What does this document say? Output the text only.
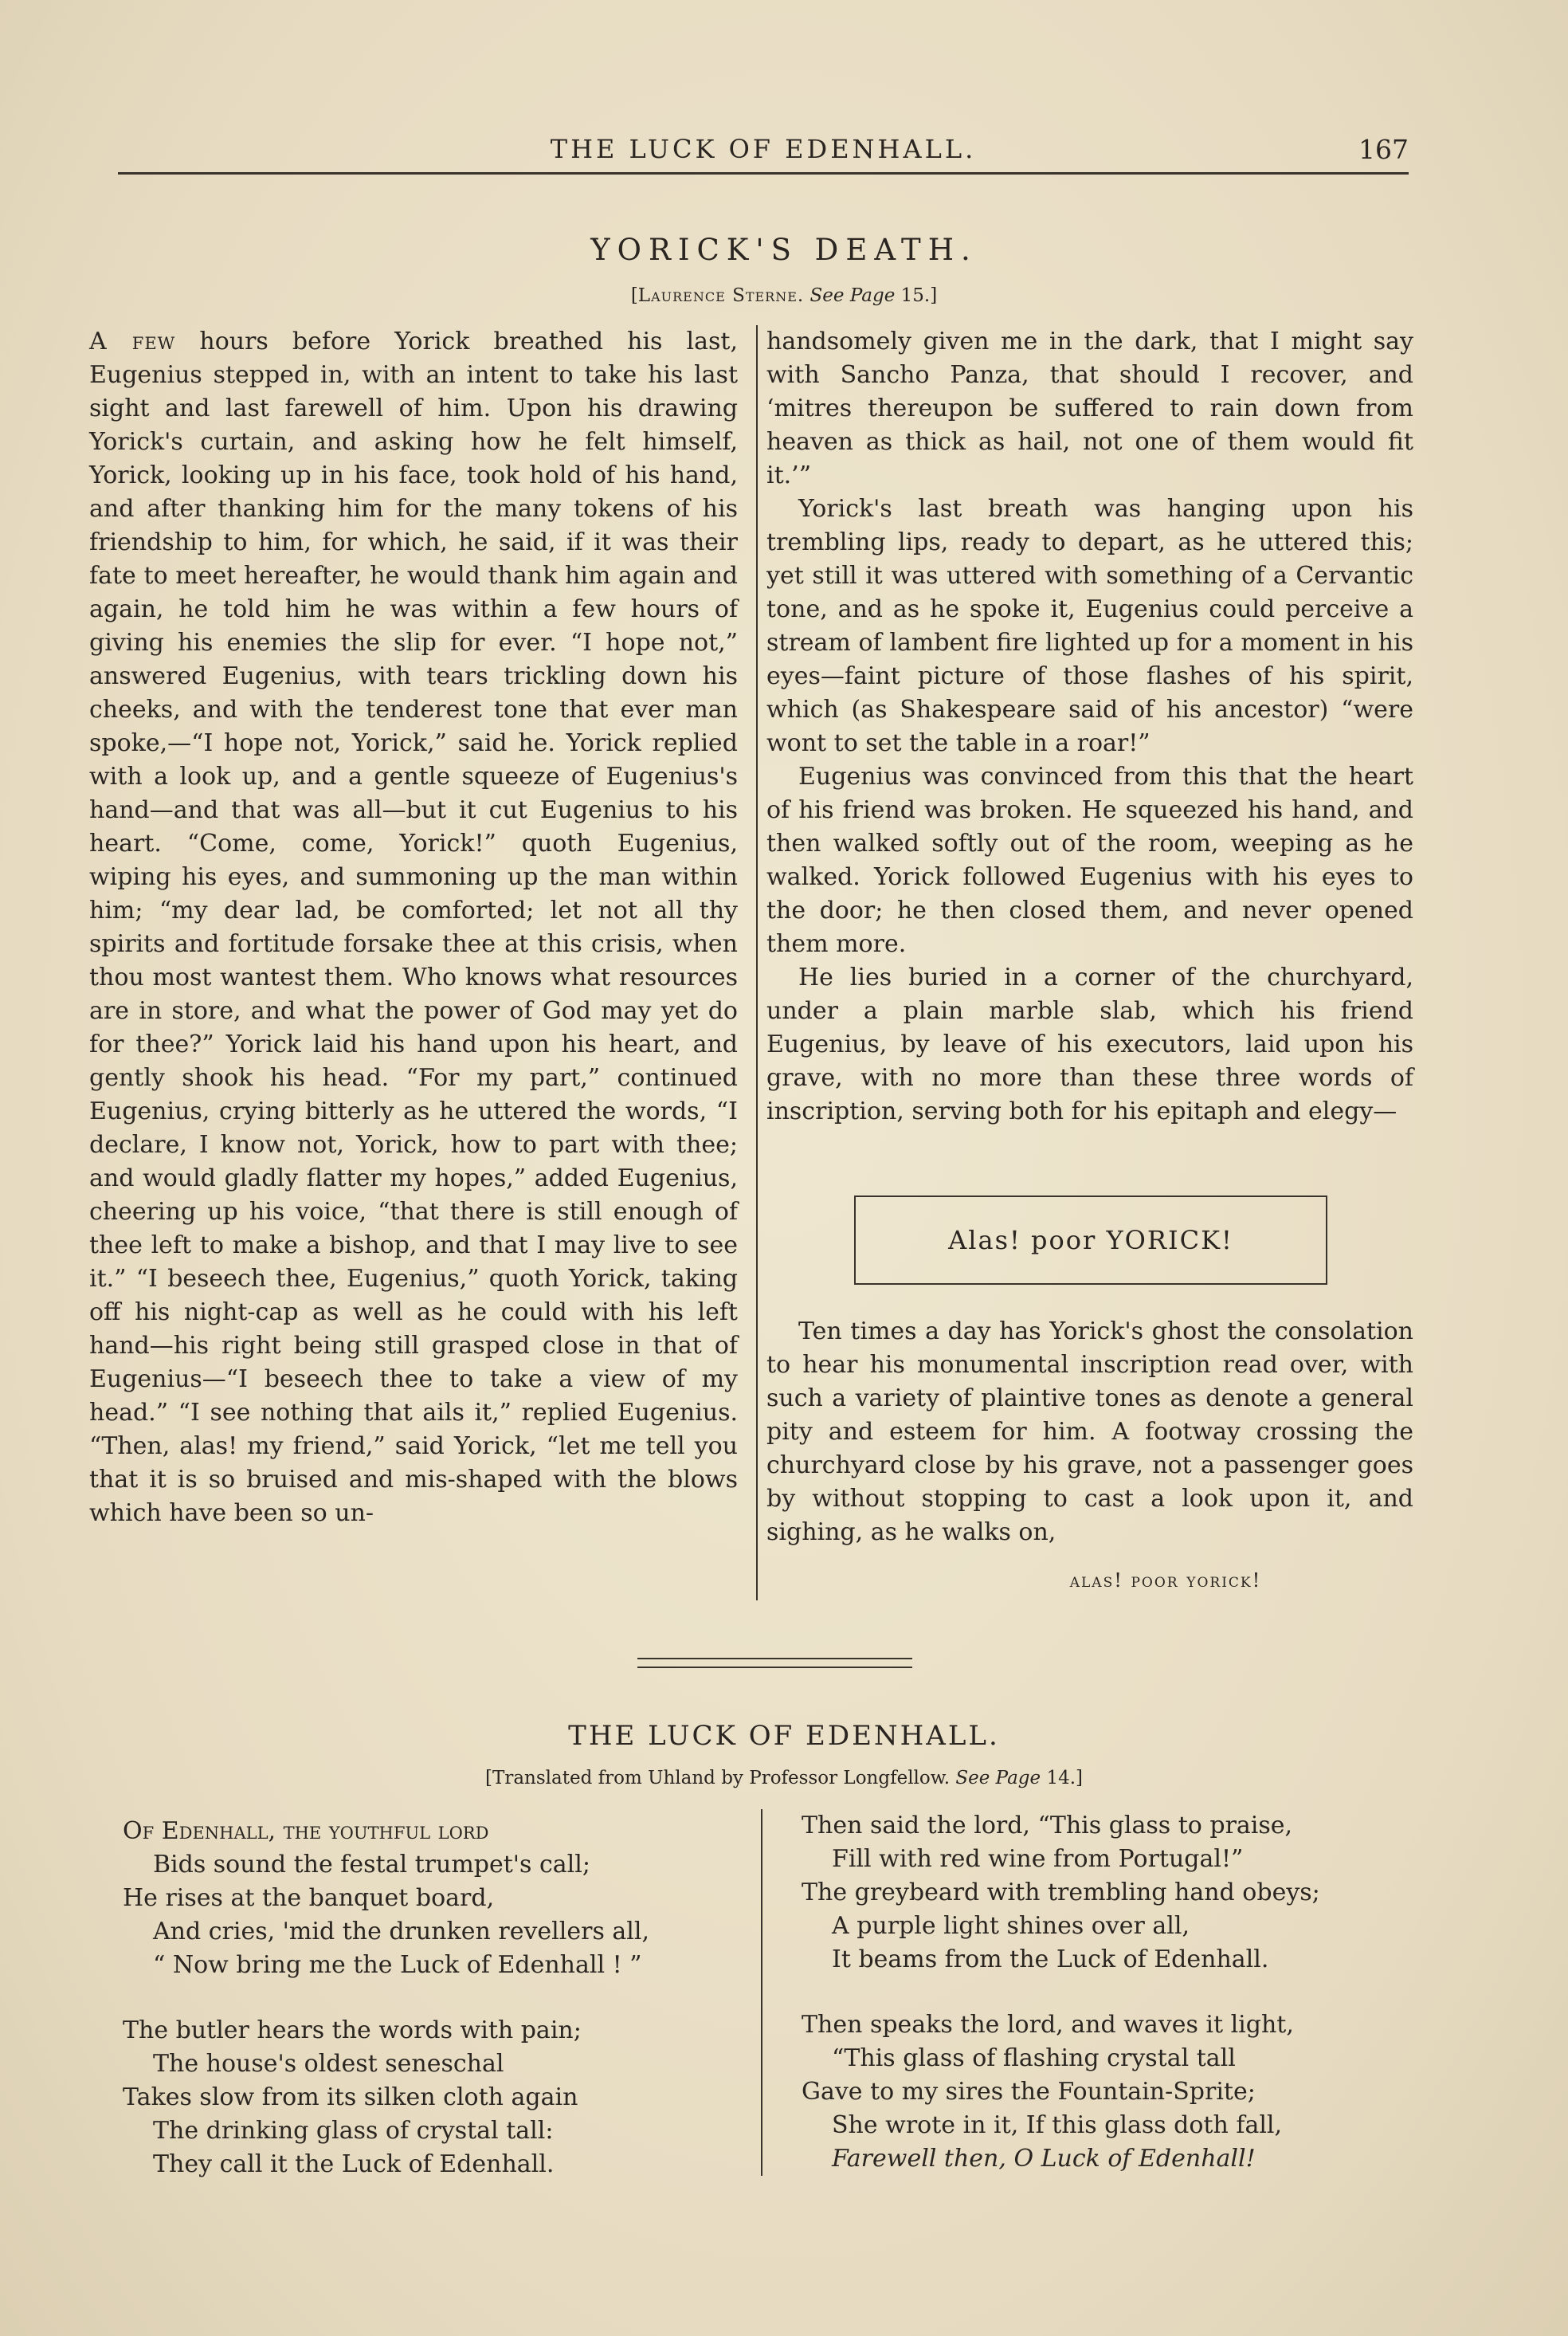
THE LUCK OF EDENHALL.	167
YORICK'S DEATH.
[Laurence Sterne. See Page 15.]

A few hours before Yorick breathed his last, Eugenius stepped in, with an intent to take his last sight and last farewell of him. Upon his drawing Yorick's curtain, and asking how he felt himself, Yorick, looking up in his face, took hold of his hand, and after thanking him for the many tokens of his friendship to him, for which, he said, if it was their fate to meet hereafter, he would thank him again and again, he told him he was within a few hours of giving his enemies the slip for ever. “I hope not,” answered Eugenius, with tears trickling down his cheeks, and with the tenderest tone that ever man spoke,—“I hope not, Yorick,” said he. Yorick replied with a look up, and a gentle squeeze of Eugenius's hand—and that was all—but it cut Eugenius to his heart. “Come, come, Yorick!” quoth Eugenius, wiping his eyes, and summoning up the man within him; “my dear lad, be comforted; let not all thy spirits and fortitude forsake thee at this crisis, when thou most wantest them. Who knows what resources are in store, and what the power of God may yet do for thee?” Yorick laid his hand upon his heart, and gently shook his head. “For my part,” continued Eugenius, crying bitterly as he uttered the words, “I declare, I know not, Yorick, how to part with thee; and would gladly flatter my hopes,” added Eugenius, cheering up his voice, “that there is still enough of thee left to make a bishop, and that I may live to see it.” “I beseech thee, Eugenius,” quoth Yorick, taking off his night-cap as well as he could with his left hand—his right being still grasped close in that of Eugenius—“I beseech thee to take a view of my head.” “I see nothing that ails it,” replied Eugenius. “Then, alas! my friend,” said Yorick, “let me tell you that it is so bruised and mis-shaped with the blows which have been so un-

handsomely given me in the dark, that I might say with Sancho Panza, that should I recover, and ‘mitres thereupon be suffered to rain down from heaven as thick as hail, not one of them would fit it.’”

Yorick's last breath was hanging upon his trembling lips, ready to depart, as he uttered this; yet still it was uttered with something of a Cervantic tone, and as he spoke it, Eugenius could perceive a stream of lambent fire lighted up for a moment in his eyes—faint picture of those flashes of his spirit, which (as Shakespeare said of his ancestor) “were wont to set the table in a roar!”

Eugenius was convinced from this that the heart of his friend was broken. He squeezed his hand, and then walked softly out of the room, weeping as he walked. Yorick followed Eugenius with his eyes to the door; he then closed them, and never opened them more.

He lies buried in a corner of the churchyard, under a plain marble slab, which his friend Eugenius, by leave of his executors, laid upon his grave, with no more than these three words of inscription, serving both for his epitaph and elegy—

Alas! poor YORICK!

Ten times a day has Yorick's ghost the consolation to hear his monumental inscription read over, with such a variety of plaintive tones as denote a general pity and esteem for him. A footway crossing the churchyard close by his grave, not a passenger goes by without stopping to cast a look upon it, and sighing, as he walks on,

alas! poor yorick!
THE LUCK OF EDENHALL.
[Translated from Uhland by Professor Longfellow. See Page 14.]
Of Edenhall, the youthful lord
Bids sound the festal trumpet's call;
He rises at the banquet board,
And cries, 'mid the drunken revellers all,
“ Now bring me the Luck of Edenhall ! ”
The butler hears the words with pain;
The house's oldest seneschal
Takes slow from its silken cloth again
The drinking glass of crystal tall:
They call it the Luck of Edenhall.
Then said the lord, “This glass to praise,
Fill with red wine from Portugal!”
The greybeard with trembling hand obeys;
A purple light shines over all,
It beams from the Luck of Edenhall.
Then speaks the lord, and waves it light,
“This glass of flashing crystal tall
Gave to my sires the Fountain-Sprite;
She wrote in it, If this glass doth fall,
Farewell then, O Luck of Edenhall!
